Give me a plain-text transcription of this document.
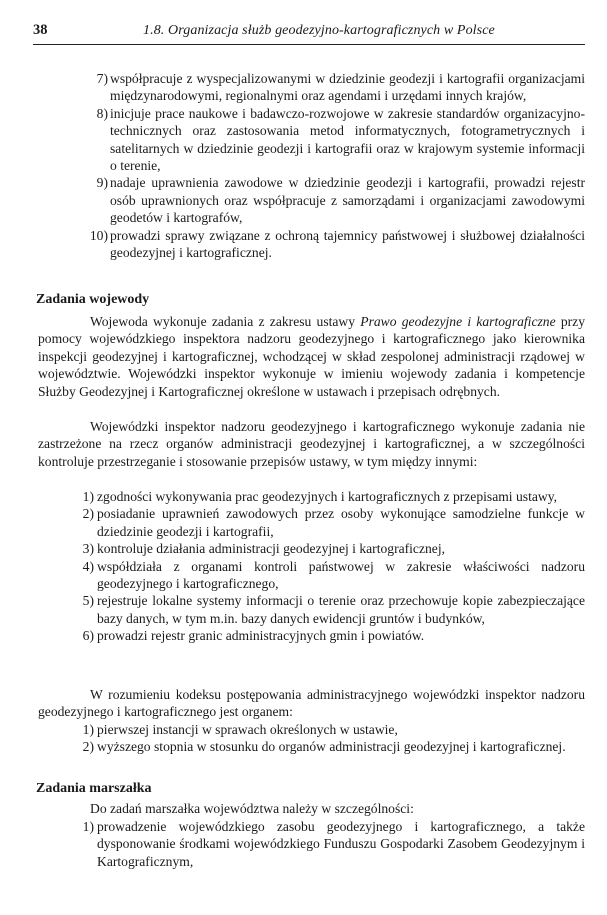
38	1.8. Organizacja służb geodezyjno-kartograficznych w Polsce
7) współpracuje z wyspecjalizowanymi w dziedzinie geodezji i kartografii organizacjami międzynarodowymi, regionalnymi oraz agendami i urzędami innych krajów,
8) inicjuje prace naukowe i badawczo-rozwojowe w zakresie standardów organizacyjno-technicznych oraz zastosowania metod informatycznych, fotogrametrycznych i satelitarnych w dziedzinie geodezji i kartografii oraz w krajowym systemie informacji o terenie,
9) nadaje uprawnienia zawodowe w dziedzinie geodezji i kartografii, prowadzi rejestr osób uprawnionych oraz współpracuje z samorządami i organizacjami zawodowymi geodetów i kartografów,
10) prowadzi sprawy związane z ochroną tajemnicy państwowej i służbowej działalności geodezyjnej i kartograficznej.
Zadania wojewody

Wojewoda wykonuje zadania z zakresu ustawy Prawo geodezyjne i kartograficzne przy pomocy wojewódzkiego inspektora nadzoru geodezyjnego i kartograficznego jako kierownika inspekcji geodezyjnej i kartograficznej, wchodzącej w skład zespolonej administracji rządowej w województwie. Wojewódzki inspektor wykonuje w imieniu wojewody zadania i kompetencje Służby Geodezyjnej i Kartograficznej określone w ustawach i przepisach odrębnych.

Wojewódzki inspektor nadzoru geodezyjnego i kartograficznego wykonuje zadania nie zastrzeżone na rzecz organów administracji geodezyjnej i kartograficznej, a w szczególności kontroluje przestrzeganie i stosowanie przepisów ustawy, w tym między innymi:

1) zgodności wykonywania prac geodezyjnych i kartograficznych z przepisami ustawy,
2) posiadanie uprawnień zawodowych przez osoby wykonujące samodzielne funkcje w dziedzinie geodezji i kartografii,
3) kontroluje działania administracji geodezyjnej i kartograficznej,
4) współdziała z organami kontroli państwowej w zakresie właściwości nadzoru geodezyjnego i kartograficznego,
5) rejestruje lokalne systemy informacji o terenie oraz przechowuje kopie zabezpieczające bazy danych, w tym m.in. bazy danych ewidencji gruntów i budynków,
6) prowadzi rejestr granic administracyjnych gmin i powiatów.

W rozumieniu kodeksu postępowania administracyjnego wojewódzki inspektor nadzoru geodezyjnego i kartograficznego jest organem:

1) pierwszej instancji w sprawach określonych w ustawie,
2) wyższego stopnia w stosunku do organów administracji geodezyjnej i kartograficznej.
Zadania marszałka

Do zadań marszałka województwa należy w szczególności:

1) prowadzenie wojewódzkiego zasobu geodezyjnego i kartograficznego, a także dysponowanie środkami wojewódzkiego Funduszu Gospodarki Zasobem Geodezyjnym i Kartograficznym,
